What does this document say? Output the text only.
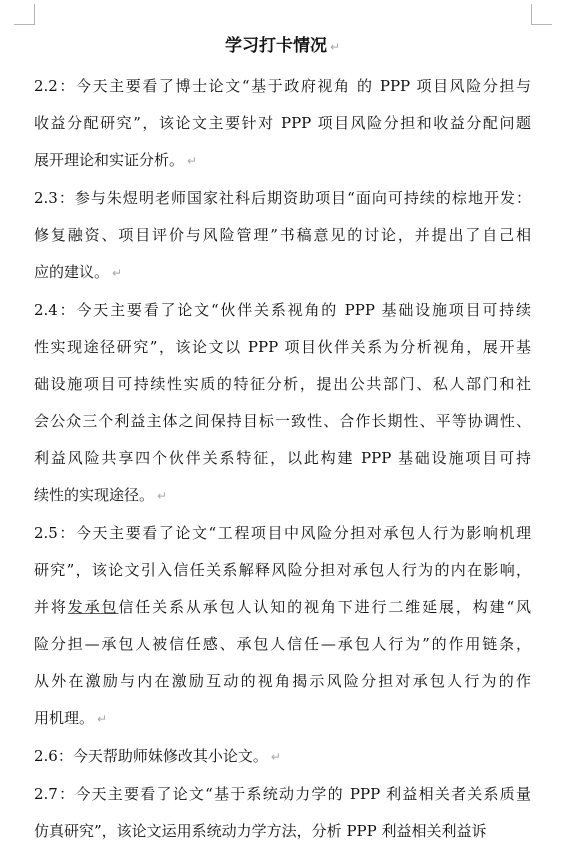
学习打卡情况 ↵
2.2：今天主要看了博士论文“基于政府视角 的 PPP 项目风险分担与
收益分配研究”，该论文主要针对 PPP 项目风险分担和收益分配问题
展开理论和实证分析。 ↵
2.3：参与朱煜明老师国家社科后期资助项目“面向可持续的棕地开发：
修复融资、项目评价与风险管理”书稿意见的讨论，并提出了自己相
应的建议。 ↵
2.4：今天主要看了论文“伙伴关系视角的 PPP 基础设施项目可持续
性实现途径研究”，该论文以 PPP 项目伙伴关系为分析视角，展开基
础设施项目可持续性实质的特征分析，提出公共部门、私人部门和社
会公众三个利益主体之间保持目标一致性、合作长期性、平等协调性、
利益风险共享四个伙伴关系特征，以此构建 PPP 基础设施项目可持
续性的实现途径。 ↵
2.5：今天主要看了论文“工程项目中风险分担对承包人行为影响机理
研究”，该论文引入信任关系解释风险分担对承包人行为的内在影响，
并将发承包信任关系从承包人认知的视角下进行二维延展，构建“风
险分担—承包人被信任感、承包人信任—承包人行为”的作用链条，
从外在激励与内在激励互动的视角揭示风险分担对承包人行为的作
用机理。 ↵
2.6：今天帮助师妹修改其小论文。 ↵
2.7：今天主要看了论文“基于系统动力学的 PPP 利益相关者关系质量
仿真研究”，该论文运用系统动力学方法，分析 PPP 利益相关利益诉
